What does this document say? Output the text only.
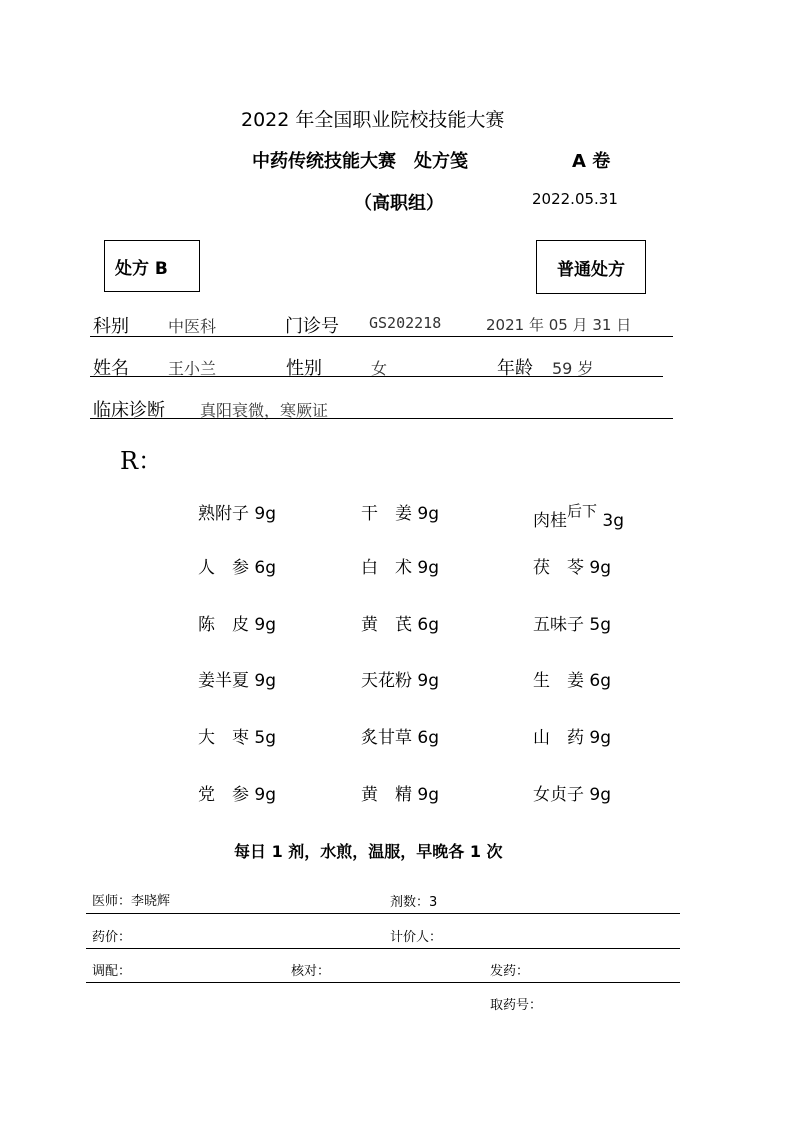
2022 年全国职业院校技能大赛
中药传统技能大赛　处方笺	A 卷
（高职组）	2022.05.31
处方 B	普通处方
科别 中医科	门诊号 GS202218	2021 年 05 月 31 日
姓名 王小兰	性别	女	年龄 59 岁
临床诊断 真阳衰微，寒厥证
R：
熟附子 9g	干　姜 9g	肉桂$^{后下}$ 3g
人　参 6g	白　术 9g	茯　苓 9g
陈　皮 9g	黄　芪 6g	五味子 5g
姜半夏 9g	天花粉 9g	生　姜 6g
大　枣 5g	炙甘草 6g	山　药 9g
党　参 9g	黄　精 9g	女贞子 9g
每日 1 剂，水煎，温服，早晚各 1 次
医师：李晓辉	剂数：3
药价：	计价人：
调配：	核对：	发药：
取药号：
